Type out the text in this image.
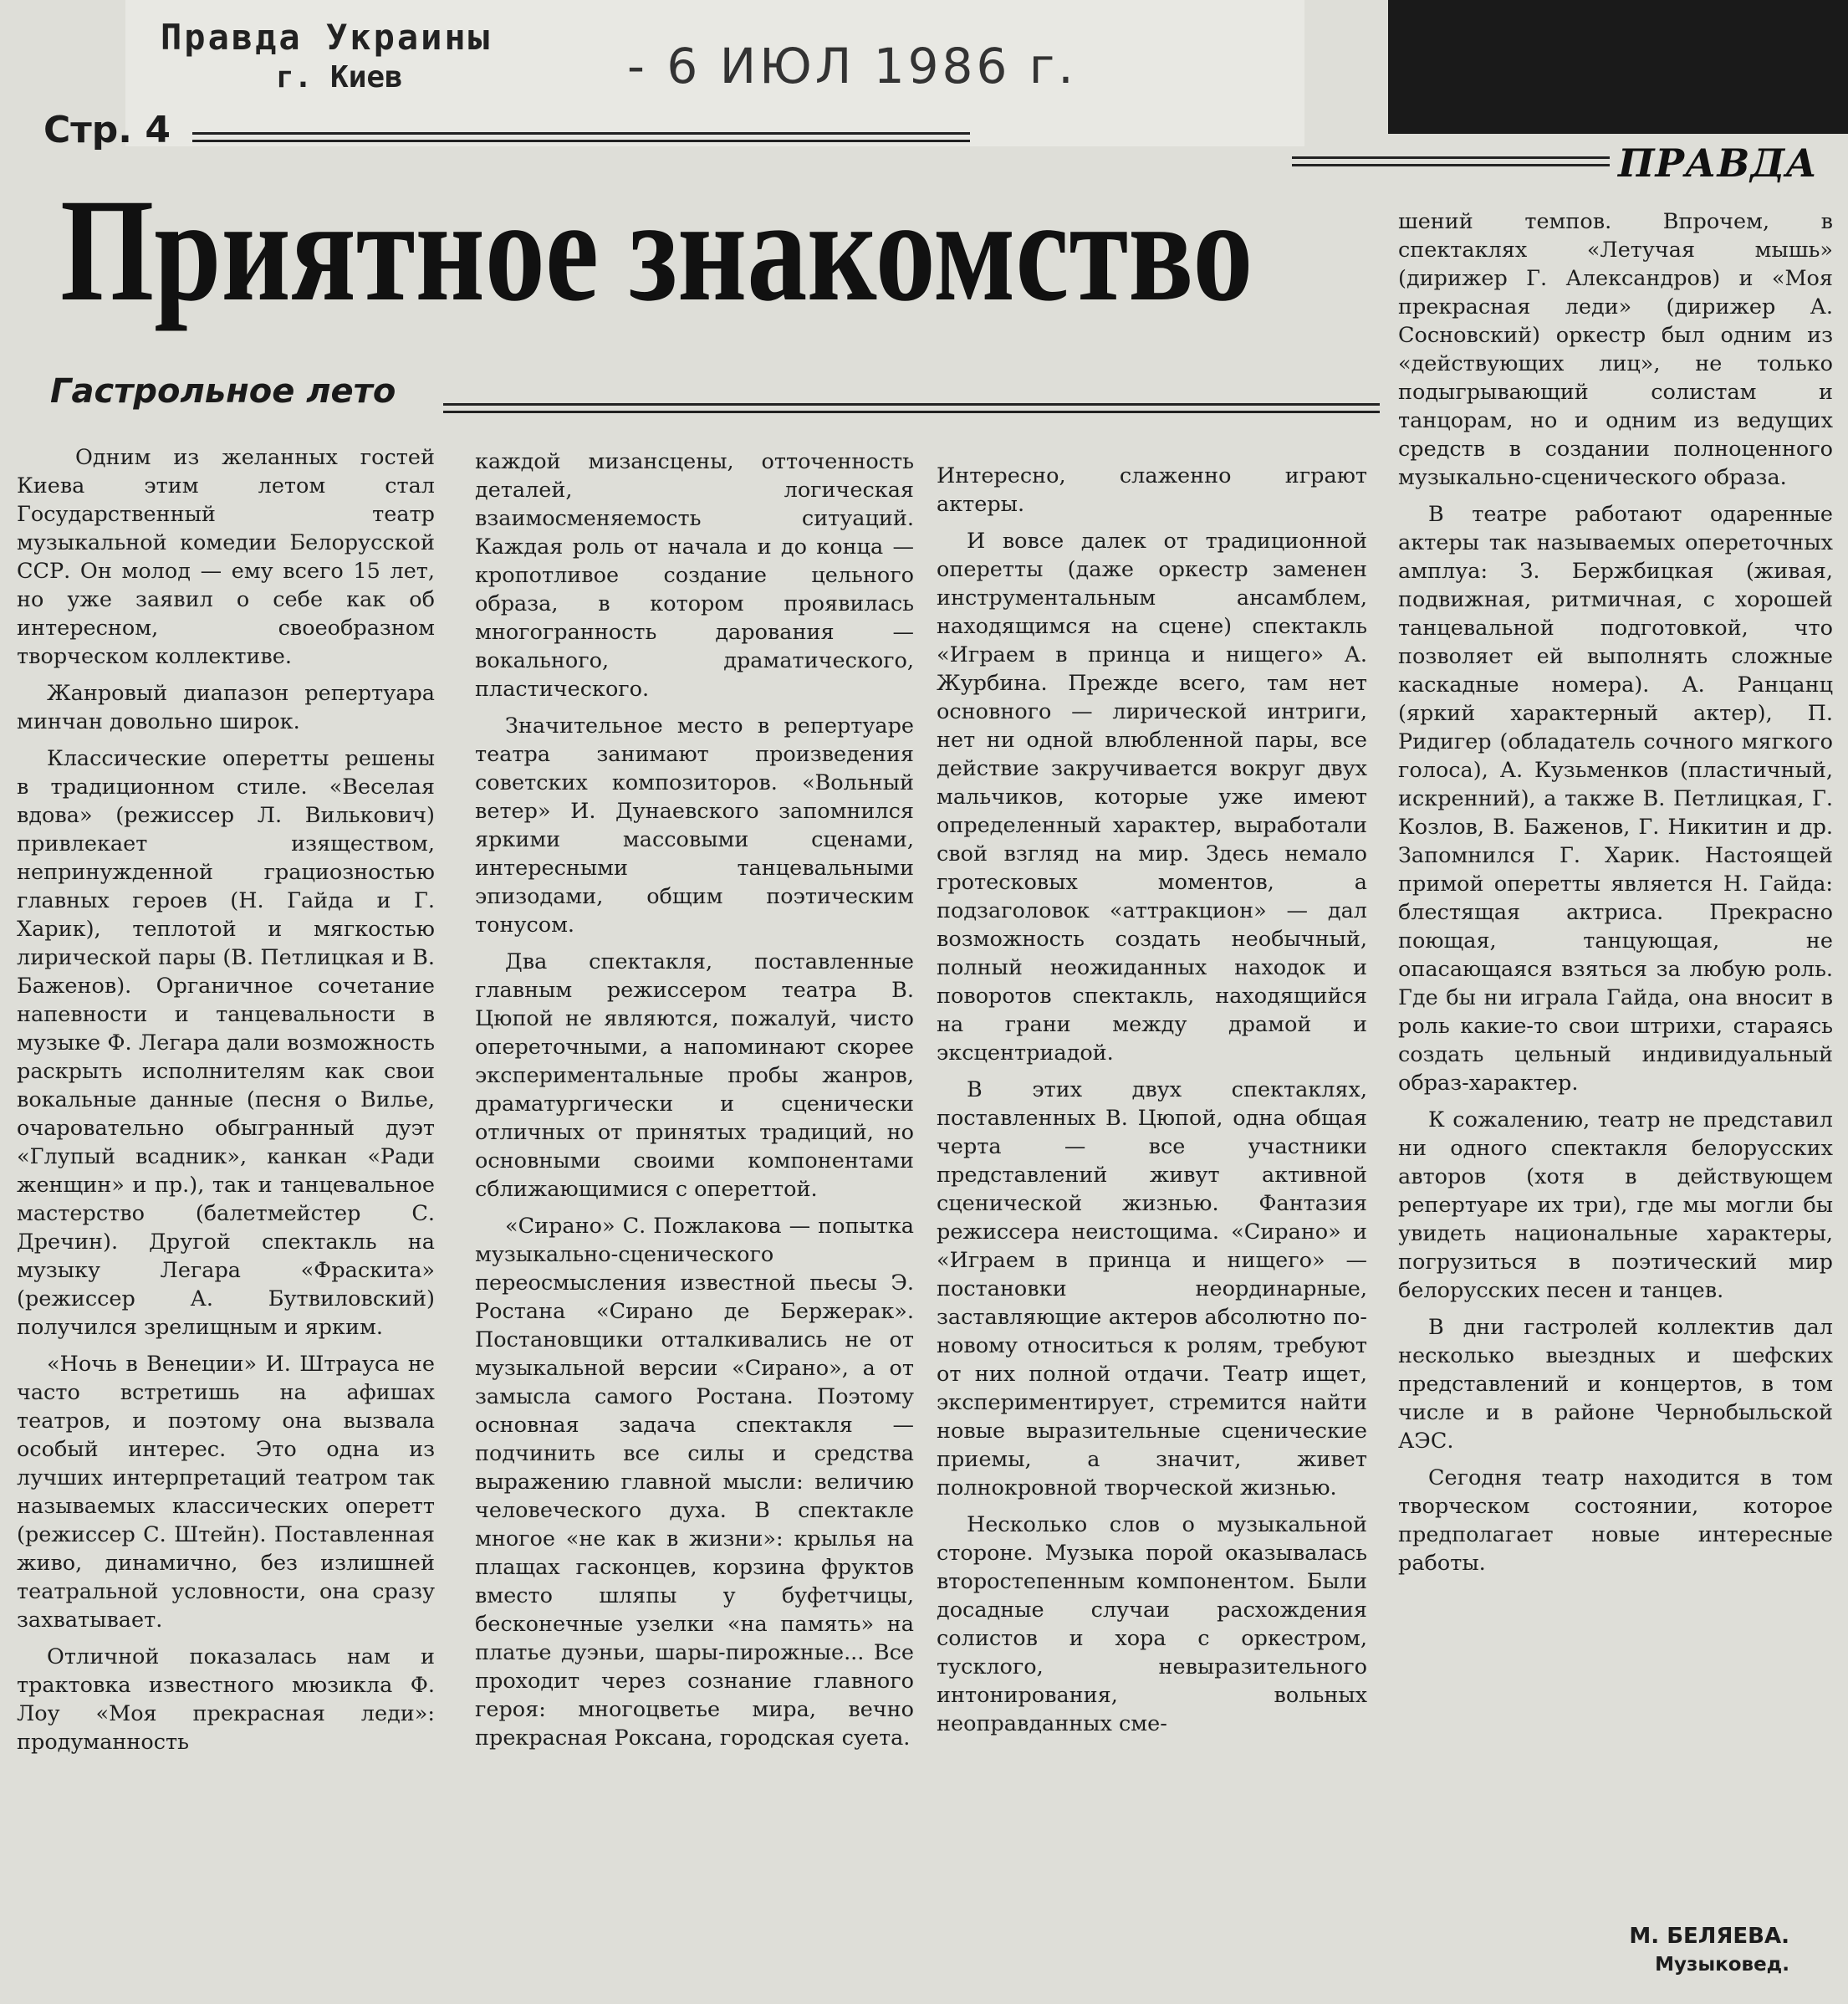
Правда Украины
г. Киев	- 6 ИЮЛ 1986 г.
Стр. 4
ПРАВДА
Приятное знакомство
Гастрольное лето

Одним из желанных гостей Киева этим летом стал Государственный театр музыкальной комедии Белорусской ССР. Он молод — ему всего 15 лет, но уже заявил о себе как об интересном, своеобразном творческом коллективе.

Жанровый диапазон репертуара минчан довольно широк.

Классические оперетты решены в традиционном стиле. «Веселая вдова» (режиссер Л. Вилькович) привлекает изяществом, непринужденной грациозностью главных героев (Н. Гайда и Г. Харик), теплотой и мягкостью лирической пары (В. Петлицкая и В. Баженов). Органичное сочетание напевности и танцевальности в музыке Ф. Легара дали возможность раскрыть исполнителям как свои вокальные данные (песня о Вилье, очаровательно обыгранный дуэт «Глупый всадник», канкан «Ради женщин» и пр.), так и танцевальное мастерство (балетмейстер С. Дречин). Другой спектакль на музыку Легара «Фраскита» (режиссер А. Бутвиловский) получился зрелищным и ярким.

«Ночь в Венеции» И. Штрауса не часто встретишь на афишах театров, и поэтому она вызвала особый интерес. Это одна из лучших интерпретаций театром так называемых классических оперетт (режиссер С. Штейн). Поставленная живо, динамично, без излишней театральной условности, она сразу захватывает.

Отличной показалась нам и трактовка известного мюзикла Ф. Лоу «Моя прекрасная леди»: продуманность

каждой мизансцены, отточенность деталей, логическая взаимосменяемость ситуаций. Каждая роль от начала и до конца — кропотливое создание цельного образа, в котором проявилась многогранность дарования — вокального, драматического, пластического.

Значительное место в репертуаре театра занимают произведения советских композиторов. «Вольный ветер» И. Дунаевского запомнился яркими массовыми сценами, интересными танцевальными эпизодами, общим поэтическим тонусом.

Два спектакля, поставленные главным режиссером театра В. Цюпой не являются, пожалуй, чисто опереточными, а напоминают скорее экспериментальные пробы жанров, драматургически и сценически отличных от принятых традиций, но основными своими компонентами сближающимися с опереттой.

«Сирано» С. Пожлакова — попытка музыкально-сценического переосмысления известной пьесы Э. Ростана «Сирано де Бержерак». Постановщики отталкивались не от музыкальной версии «Сирано», а от замысла самого Ростана. Поэтому основная задача спектакля — подчинить все силы и средства выражению главной мысли: величию человеческого духа. В спектакле многое «не как в жизни»: крылья на плащах гасконцев, корзина фруктов вместо шляпы у буфетчицы, бесконечные узелки «на память» на платье дуэньи, шары-пирожные... Все проходит через сознание главного героя: многоцветье мира, вечно прекрасная Роксана, городская суета.

Интересно, слаженно играют актеры.

И вовсе далек от традиционной оперетты (даже оркестр заменен инструментальным ансамблем, находящимся на сцене) спектакль «Играем в принца и нищего» А. Журбина. Прежде всего, там нет основного — лирической интриги, нет ни одной влюбленной пары, все действие закручивается вокруг двух мальчиков, которые уже имеют определенный характер, выработали свой взгляд на мир. Здесь немало гротесковых моментов, а подзаголовок «аттракцион» — дал возможность создать необычный, полный неожиданных находок и поворотов спектакль, находящийся на грани между драмой и эксцентриадой.

В этих двух спектаклях, поставленных В. Цюпой, одна общая черта — все участники представлений живут активной сценической жизнью. Фантазия режиссера неистощима. «Сирано» и «Играем в принца и нищего» — постановки неординарные, заставляющие актеров абсолютно по-новому относиться к ролям, требуют от них полной отдачи. Театр ищет, экспериментирует, стремится найти новые выразительные сценические приемы, а значит, живет полнокровной творческой жизнью.

Несколько слов о музыкальной стороне. Музыка порой оказывалась второстепенным компонентом. Были досадные случаи расхождения солистов и хора с оркестром, тусклого, невыразительного интонирования, вольных неоправданных сме-

шений темпов. Впрочем, в спектаклях «Летучая мышь» (дирижер Г. Александров) и «Моя прекрасная леди» (дирижер А. Сосновский) оркестр был одним из «действующих лиц», не только подыгрывающий солистам и танцорам, но и одним из ведущих средств в создании полноценного музыкально-сценического образа.

В театре работают одаренные актеры так называемых опереточных амплуа: З. Бержбицкая (живая, подвижная, ритмичная, с хорошей танцевальной подготовкой, что позволяет ей выполнять сложные каскадные номера). А. Ранцанц (яркий характерный актер), П. Ридигер (обладатель сочного мягкого голоса), А. Кузьменков (пластичный, искренний), а также В. Петлицкая, Г. Козлов, В. Баженов, Г. Никитин и др. Запомнился Г. Харик. Настоящей примой оперетты является Н. Гайда: блестящая актриса. Прекрасно поющая, танцующая, не опасающаяся взяться за любую роль. Где бы ни играла Гайда, она вносит в роль какие-то свои штрихи, стараясь создать цельный индивидуальный образ-характер.

К сожалению, театр не представил ни одного спектакля белорусских авторов (хотя в действующем репертуаре их три), где мы могли бы увидеть национальные характеры, погрузиться в поэтический мир белорусских песен и танцев.

В дни гастролей коллектив дал несколько выездных и шефских представлений и концертов, в том числе и в районе Чернобыльской АЭС.

Сегодня театр находится в том творческом состоянии, которое предполагает новые интересные работы.

М. БЕЛЯЕВА.
Музыковед.
